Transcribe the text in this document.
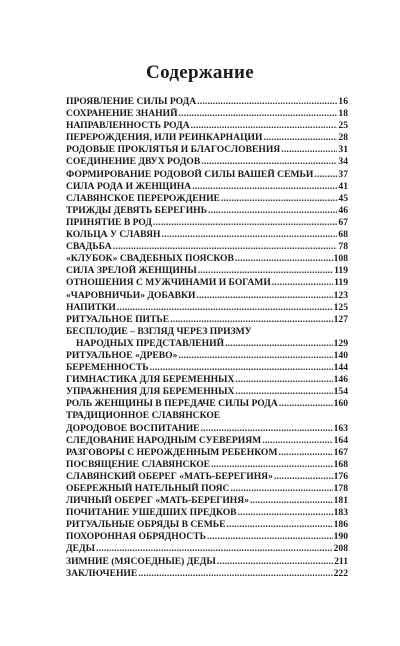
Содержание
ПРОЯВЛЕНИЕ СИЛЫ РОДА .....	16
СОХРАНЕНИЕ ЗНАНИЙ .....	18
НАПРАВЛЕННОСТЬ РОДА .....	25
ПЕРЕРОЖДЕНИЯ, ИЛИ РЕИНКАРНАЦИИ .....	28
РОДОВЫЕ ПРОКЛЯТЬЯ И БЛАГОСЛОВЕНИЯ .....	31
СОЕДИНЕНИЕ ДВУХ РОДОВ .....	34
ФОРМИРОВАНИЕ РОДОВОЙ СИЛЫ ВАШЕЙ СЕМЬИ .....	37
СИЛА РОДА И ЖЕНЩИНА .....	41
СЛАВЯНСКОЕ ПЕРЕРОЖДЕНИЕ .....	45
ТРИЖДЫ ДЕВЯТЬ БЕРЕГИНЬ .....	46
ПРИНЯТИЕ В РОД .....	67
КОЛЬЦА У СЛАВЯН .....	68
СВАДЬБА .....	78
«КЛУБОК» СВАДЕБНЫХ ПОЯСКОВ .....	108
СИЛА ЗРЕЛОЙ ЖЕНЩИНЫ .....	119
ОТНОШЕНИЯ С МУЖЧИНАМИ И БОГАМИ .....	119
«ЧАРОВНИЧЬИ» ДОБАВКИ .....	123
НАПИТКИ .....	125
РИТУАЛЬНОЕ ПИТЬЕ .....	127
БЕСПЛОДИЕ – ВЗГЛЯД ЧЕРЕЗ ПРИЗМУ
НАРОДНЫХ ПРЕДСТАВЛЕНИЙ .....	129
РИТУАЛЬНОЕ «ДРЕВО» .....	140
БЕРЕМЕННОСТЬ .....	144
ГИМНАСТИКА ДЛЯ БЕРЕМЕННЫХ .....	146
УПРАЖНЕНИЯ ДЛЯ БЕРЕМЕННЫХ .....	154
РОЛЬ ЖЕНЩИНЫ В ПЕРЕДАЧЕ СИЛЫ РОДА .....	160
ТРАДИЦИОННОЕ СЛАВЯНСКОЕ
ДОРОДОВОЕ ВОСПИТАНИЕ .....	163
СЛЕДОВАНИЕ НАРОДНЫМ СУЕВЕРИЯМ .....	164
РАЗГОВОРЫ С НЕРОЖДЕННЫМ РЕБЕНКОМ .....	167
ПОСВЯЩЕНИЕ СЛАВЯНСКОЕ .....	168
СЛАВЯНСКИЙ ОБЕРЕГ «МАТЬ-БЕРЕГИНЯ» .....	176
ОБЕРЕЖНЫЙ НАТЕЛЬНЫЙ ПОЯС .....	178
ЛИЧНЫЙ ОБЕРЕГ «МАТЬ-БЕРЕГИНЯ» .....	181
ПОЧИТАНИЕ УШЕДШИХ ПРЕДКОВ .....	183
РИТУАЛЬНЫЕ ОБРЯДЫ В СЕМЬЕ .....	186
ПОХОРОННАЯ ОБРЯДНОСТЬ .....	190
ДЕДЫ .....	208
ЗИМНИЕ (МЯСОЕДНЫЕ) ДЕДЫ .....	211
ЗАКЛЮЧЕНИЕ .....	222
